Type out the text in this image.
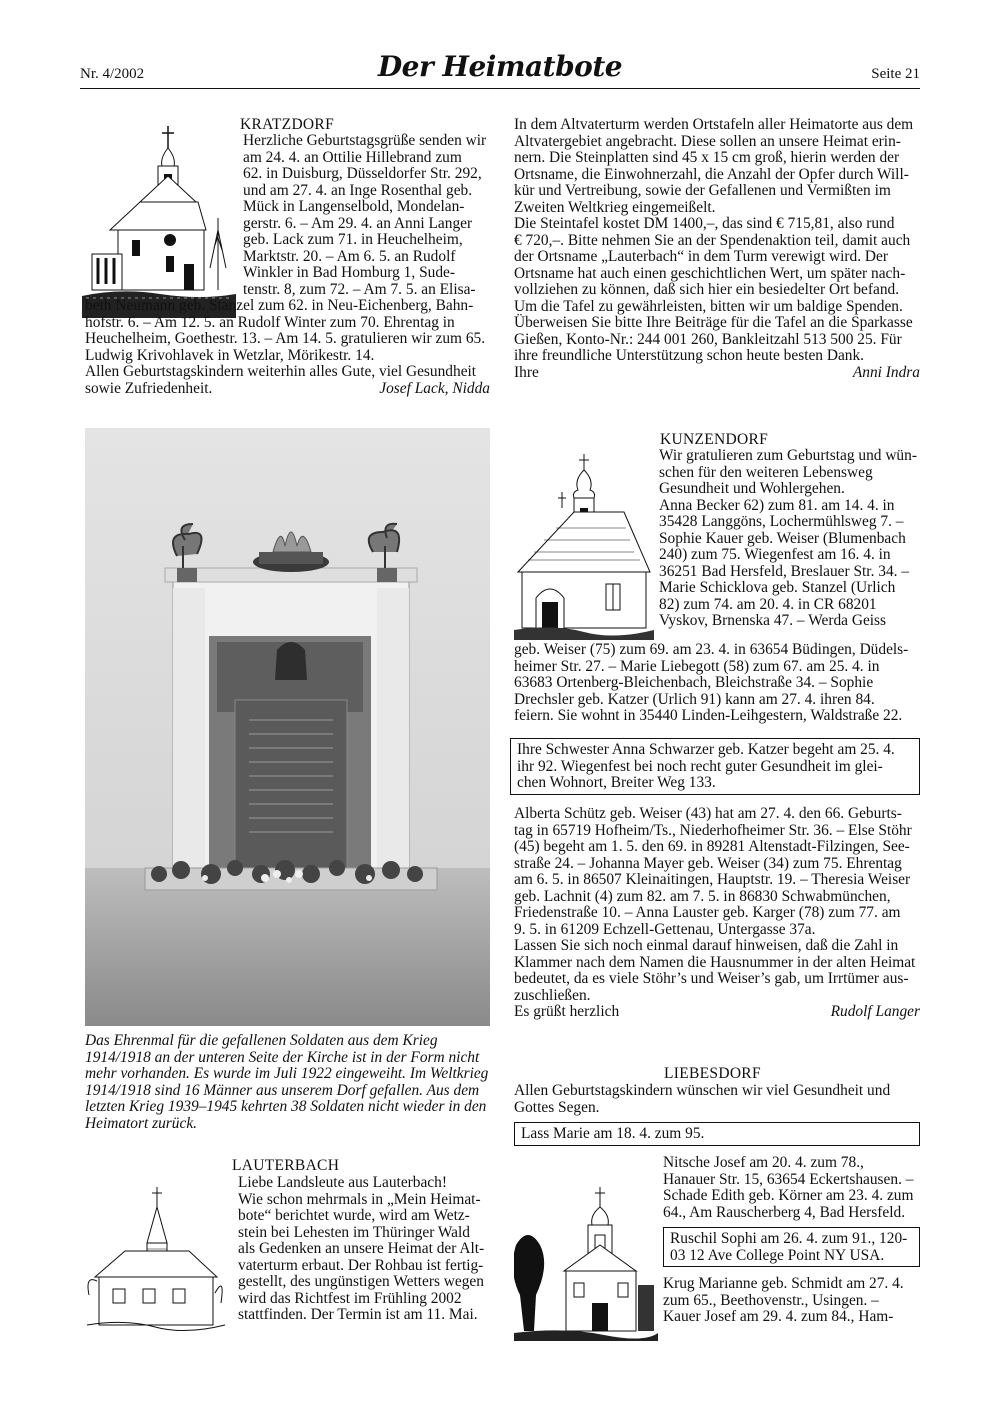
Nr. 4/2002	Der Heimatbote	Seite 21
KRATZDORF

Herzliche Geburtstagsgrüße senden wir

am 24. 4. an Ottilie Hillebrand zum

62. in Duisburg, Düsseldorfer Str. 292,

und am 27. 4. an Inge Rosenthal geb.

Mück in Langenselbold, Mondelan-

gerstr. 6. – Am 29. 4. an Anni Langer

geb. Lack zum 71. in Heuchelheim,

Marktstr. 20. – Am 6. 5. an Rudolf

Winkler in Bad Homburg 1, Sude-

tenstr. 8, zum 72. – Am 7. 5. an Elisa-

beth Neumann geb. Stanzel zum 62. in Neu-Eichenberg, Bahn-

hofstr. 6. – Am 12. 5. an Rudolf Winter zum 70. Ehrentag in

Heuchelheim, Goethestr. 13. – Am 14. 5. gratulieren wir zum 65.

Ludwig Krivohlavek in Wetzlar, Mörikestr. 14.

Allen Geburtstagskindern weiterhin alles Gute, viel Gesundheit

sowie Zufriedenheit.	Josef Lack, Nidda

Das Ehrenmal für die gefallenen Soldaten aus dem Krieg

1914/1918 an der unteren Seite der Kirche ist in der Form nicht

mehr vorhanden. Es wurde im Juli 1922 eingeweiht. Im Weltkrieg

1914/1918 sind 16 Männer aus unserem Dorf gefallen. Aus dem

letzten Krieg 1939–1945 kehrten 38 Soldaten nicht wieder in den

Heimatort zurück.

LAUTERBACH

Liebe Landsleute aus Lauterbach!

Wie schon mehrmals in „Mein Heimat-

bote“ berichtet wurde, wird am Wetz-

stein bei Lehesten im Thüringer Wald

als Gedenken an unsere Heimat der Alt-

vaterturm erbaut. Der Rohbau ist fertig-

gestellt, des ungünstigen Wetters wegen

wird das Richtfest im Frühling 2002

stattfinden. Der Termin ist am 11. Mai.

In dem Altvaterturm werden Ortstafeln aller Heimatorte aus dem

Altvatergebiet angebracht. Diese sollen an unsere Heimat erin-

nern. Die Steinplatten sind 45 x 15 cm groß, hierin werden der

Ortsname, die Einwohnerzahl, die Anzahl der Opfer durch Will-

kür und Vertreibung, sowie der Gefallenen und Vermißten im

Zweiten Weltkrieg eingemeißelt.

Die Steintafel kostet DM 1400,–, das sind € 715,81, also rund

€ 720,–. Bitte nehmen Sie an der Spendenaktion teil, damit auch

der Ortsname „Lauterbach“ in dem Turm verewigt wird. Der

Ortsname hat auch einen geschichtlichen Wert, um später nach-

vollziehen zu können, daß sich hier ein besiedelter Ort befand.

Um die Tafel zu gewährleisten, bitten wir um baldige Spenden.

Überweisen Sie bitte Ihre Beiträge für die Tafel an die Sparkasse

Gießen, Konto-Nr.: 244 001 260, Bankleitzahl 513 500 25. Für

ihre freundliche Unterstützung schon heute besten Dank.

Ihre	Anni Indra
KUNZENDORF

Wir gratulieren zum Geburtstag und wün-

schen für den weiteren Lebensweg

Gesundheit und Wohlergehen.

Anna Becker 62) zum 81. am 14. 4. in

35428 Langgöns, Lochermühlsweg 7. –

Sophie Kauer geb. Weiser (Blumenbach

240) zum 75. Wiegenfest am 16. 4. in

36251 Bad Hersfeld, Breslauer Str. 34. –

Marie Schicklova geb. Stanzel (Urlich

82) zum 74. am 20. 4. in CR 68201

Vyskov, Brnenska 47. – Werda Geiss

geb. Weiser (75) zum 69. am 23. 4. in 63654 Büdingen, Düdels-

heimer Str. 27. – Marie Liebegott (58) zum 67. am 25. 4. in

63683 Ortenberg-Bleichenbach, Bleichstraße 34. – Sophie

Drechsler geb. Katzer (Urlich 91) kann am 27. 4. ihren 84.

feiern. Sie wohnt in 35440 Linden-Leihgestern, Waldstraße 22.

Ihre Schwester Anna Schwarzer geb. Katzer begeht am 25. 4.

ihr 92. Wiegenfest bei noch recht guter Gesundheit im glei-

chen Wohnort, Breiter Weg 133.

Alberta Schütz geb. Weiser (43) hat am 27. 4. den 66. Geburts-

tag in 65719 Hofheim/Ts., Niederhofheimer Str. 36. – Else Stöhr

(45) begeht am 1. 5. den 69. in 89281 Altenstadt-Filzingen, See-

straße 24. – Johanna Mayer geb. Weiser (34) zum 75. Ehrentag

am 6. 5. in 86507 Kleinaitingen, Hauptstr. 19. – Theresia Weiser

geb. Lachnit (4) zum 82. am 7. 5. in 86830 Schwabmünchen,

Friedenstraße 10. – Anna Lauster geb. Karger (78) zum 77. am

9. 5. in 61209 Echzell-Gettenau, Untergasse 37a.

Lassen Sie sich noch einmal darauf hinweisen, daß die Zahl in

Klammer nach dem Namen die Hausnummer in der alten Heimat

bedeutet, da es viele Stöhr’s und Weiser’s gab, um Irrtümer aus-

zuschließen.

Es grüßt herzlich	Rudolf Langer
LIEBESDORF

Allen Geburtstagskindern wünschen wir viel Gesundheit und

Gottes Segen.

Lass Marie am 18. 4. zum 95.

Nitsche Josef am 20. 4. zum 78.,

Hanauer Str. 15, 63654 Eckertshausen. –

Schade Edith geb. Körner am 23. 4. zum

64., Am Rauscherberg 4, Bad Hersfeld.

Ruschil Sophi am 26. 4. zum 91., 120-

03 12 Ave College Point NY USA.

Krug Marianne geb. Schmidt am 27. 4.

zum 65., Beethovenstr., Usingen. –

Kauer Josef am 29. 4. zum 84., Ham-
